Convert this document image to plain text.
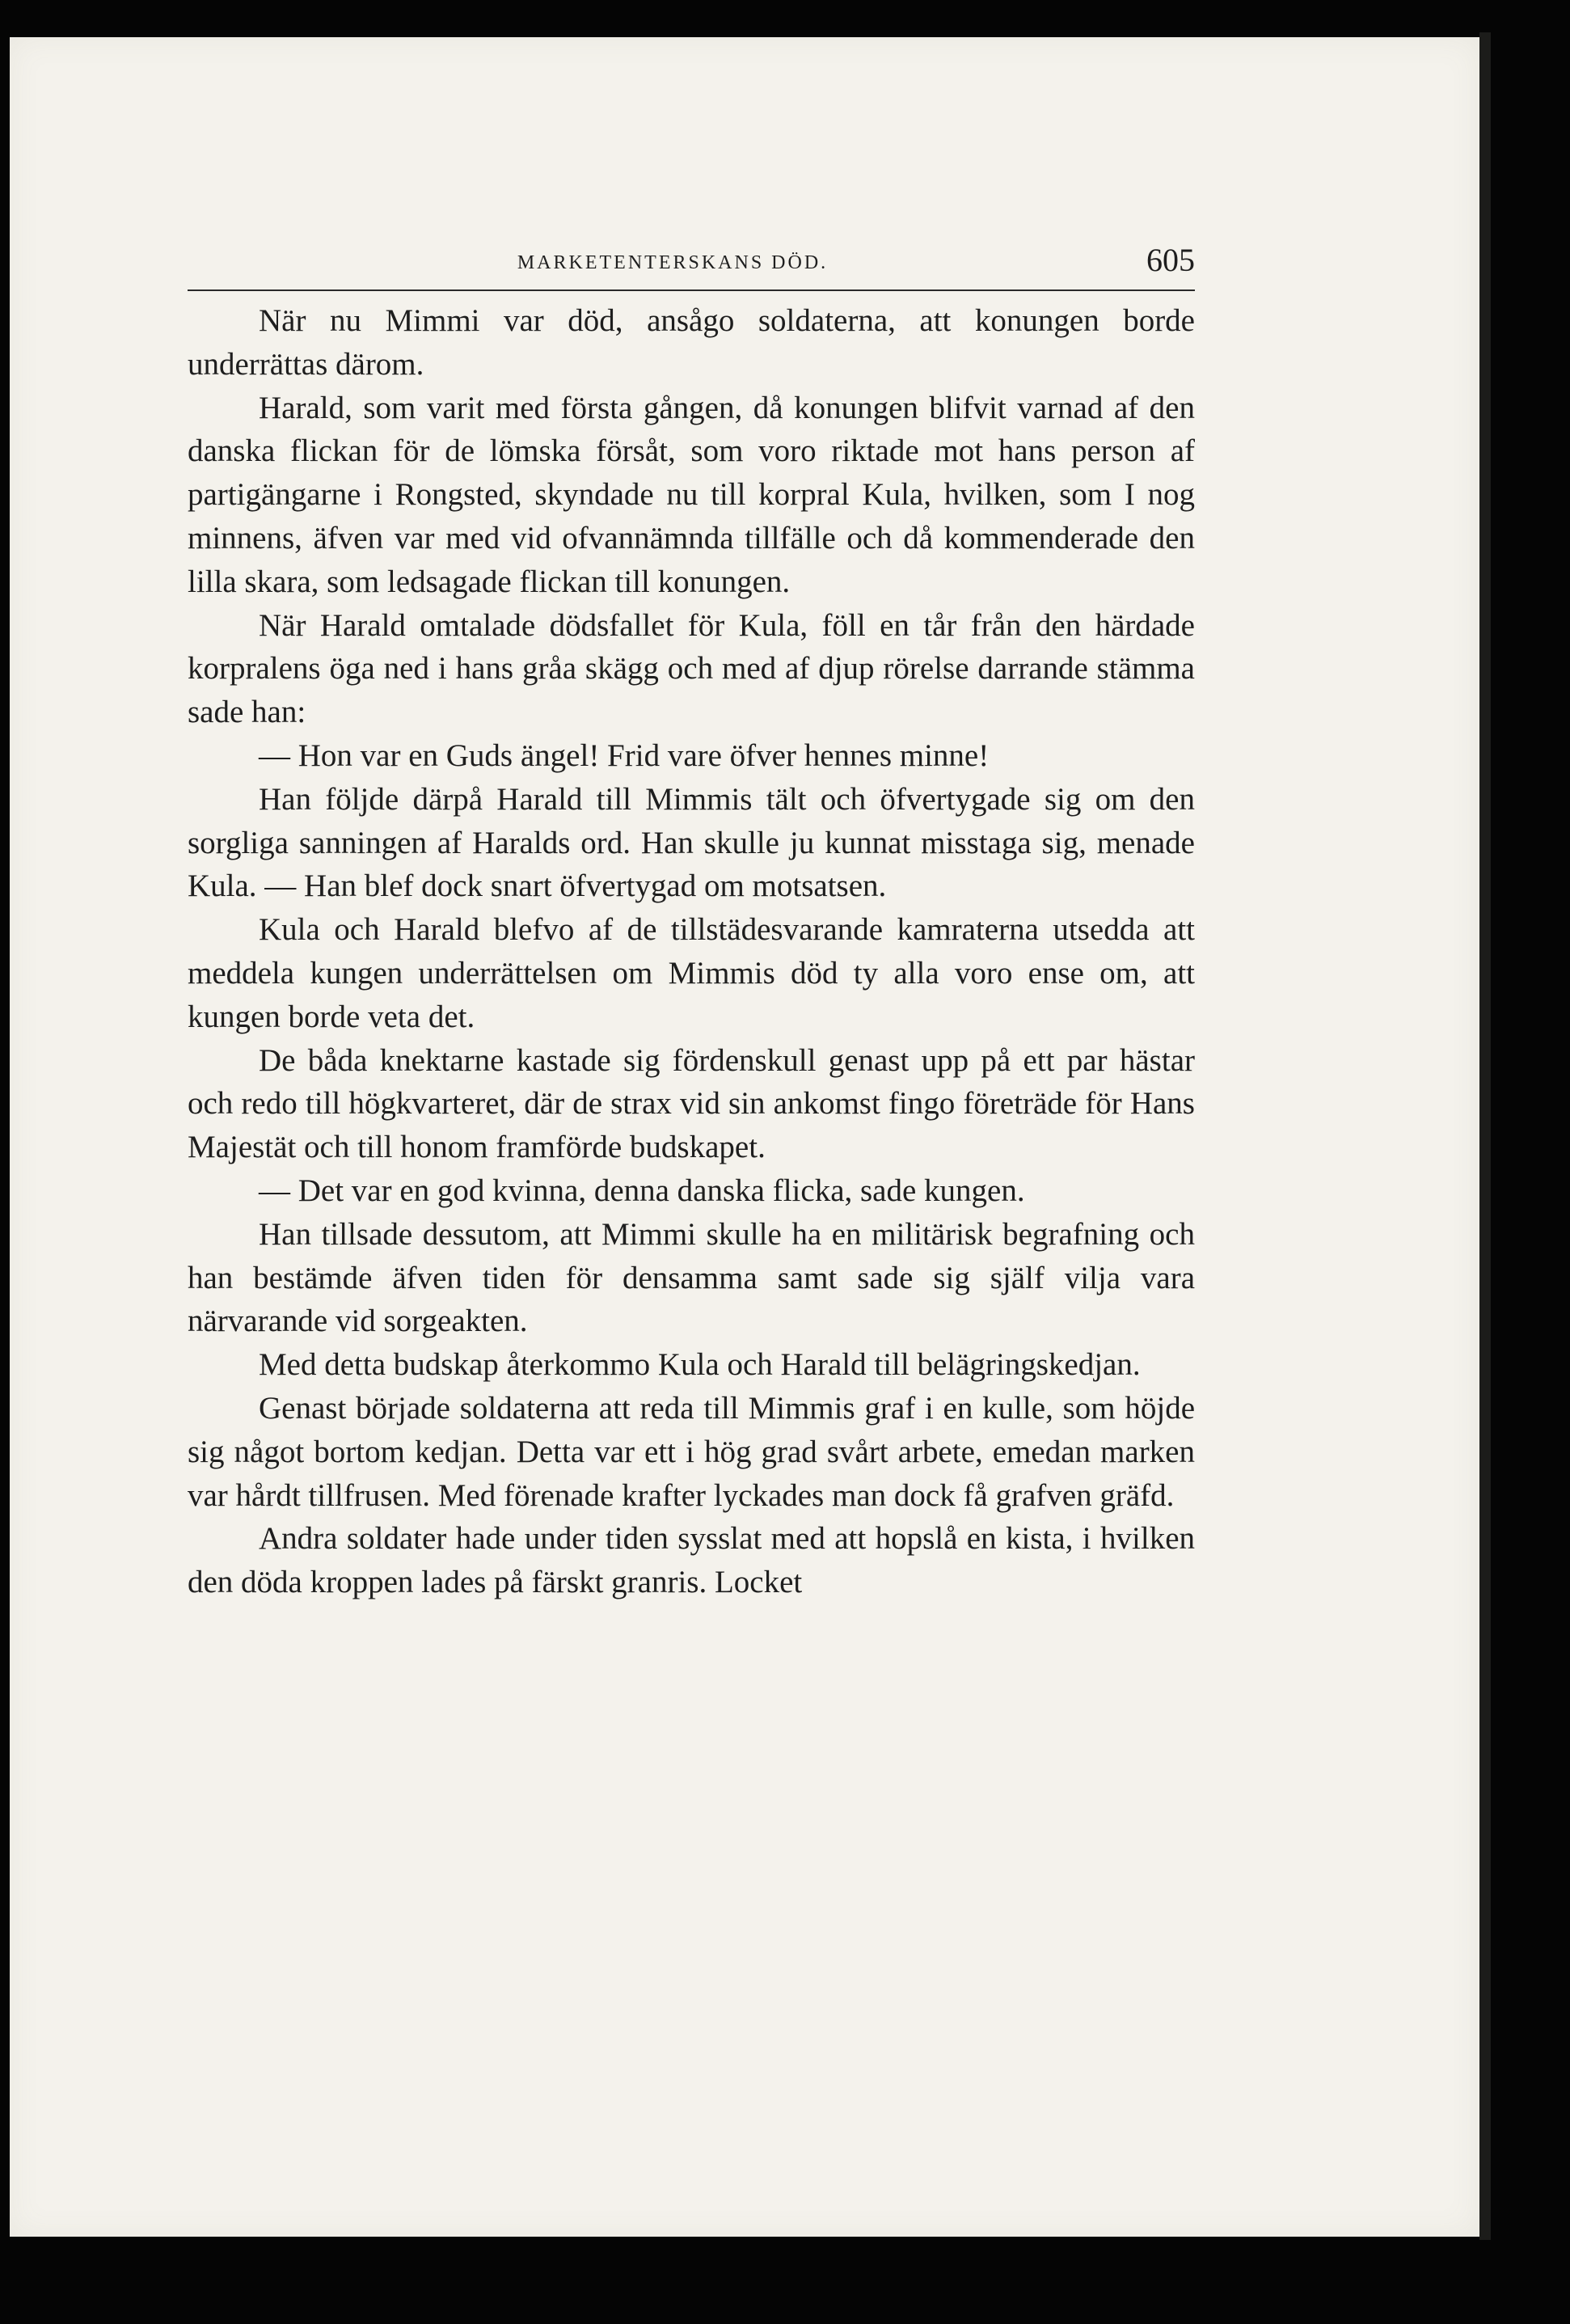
MARKETENTERSKANS DÖD.	605

När nu Mimmi var död, ansågo soldaterna, att konungen borde underrättas därom.

Harald, som varit med första gången, då konungen blifvit varnad af den danska flickan för de lömska försåt, som voro riktade mot hans person af partigängarne i Rongsted, skyndade nu till korpral Kula, hvilken, som I nog minnens, äfven var med vid ofvannämnda tillfälle och då kommenderade den lilla skara, som ledsagade flickan till konungen.

När Harald omtalade dödsfallet för Kula, föll en tår från den härdade korpralens öga ned i hans gråa skägg och med af djup rörelse darrande stämma sade han:

— Hon var en Guds ängel! Frid vare öfver hennes minne!

Han följde därpå Harald till Mimmis tält och öfvertygade sig om den sorgliga sanningen af Haralds ord. Han skulle ju kunnat misstaga sig, menade Kula. — Han blef dock snart öfvertygad om motsatsen.

Kula och Harald blefvo af de tillstädesvarande kamraterna utsedda att meddela kungen underrättelsen om Mimmis död ty alla voro ense om, att kungen borde veta det.

De båda knektarne kastade sig fördenskull genast upp på ett par hästar och redo till högkvarteret, där de strax vid sin ankomst fingo företräde för Hans Majestät och till honom framförde budskapet.

— Det var en god kvinna, denna danska flicka, sade kungen.

Han tillsade dessutom, att Mimmi skulle ha en militärisk begrafning och han bestämde äfven tiden för densamma samt sade sig själf vilja vara närvarande vid sorgeakten.

Med detta budskap återkommo Kula och Harald till belägringskedjan.

Genast började soldaterna att reda till Mimmis graf i en kulle, som höjde sig något bortom kedjan. Detta var ett i hög grad svårt arbete, emedan marken var hårdt tillfrusen. Med förenade krafter lyckades man dock få grafven gräfd.

Andra soldater hade under tiden sysslat med att hopslå en kista, i hvilken den döda kroppen lades på färskt granris. Locket
